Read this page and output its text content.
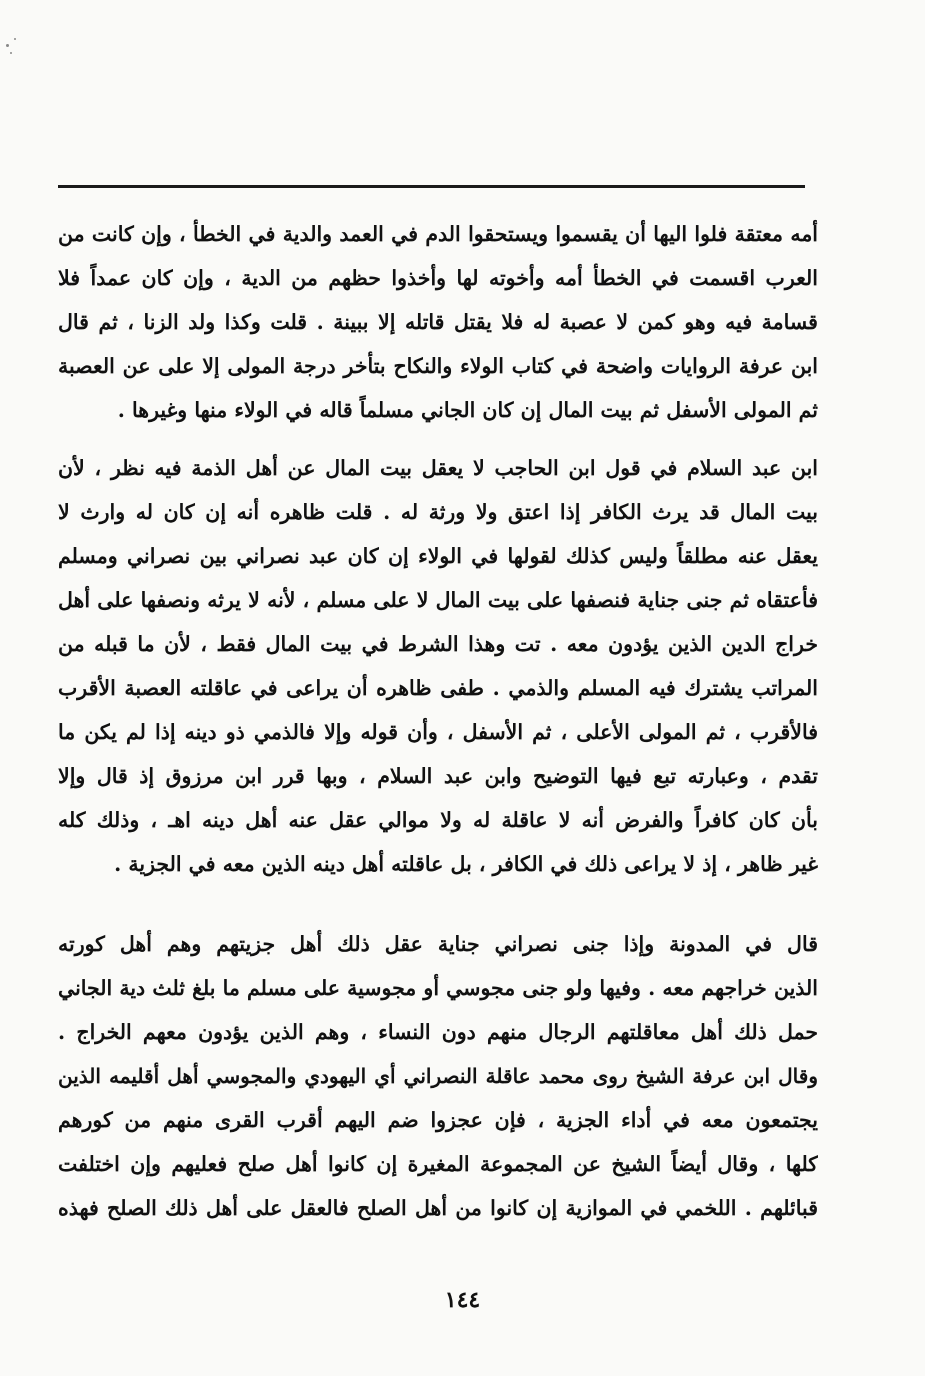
أمه معتقة فلوا اليها أن يقسموا ويستحقوا الدم في العمد والدية في الخطأ ، وإن كانت من
العرب اقسمت في الخطأ أمه وأخوته لها وأخذوا حظهم من الدية ، وإن كان عمداً فلا
قسامة فيه وهو كمن لا عصبة له فلا يقتل قاتله إلا ببينة . قلت وكذا ولد الزنا ، ثم قال
ابن عرفة الروايات واضحة في كتاب الولاء والنكاح بتأخر درجة المولى إلا على عن العصبة
ثم المولى الأسفل ثم بيت المال إن كان الجاني مسلماً قاله في الولاء منها وغيرها .
ابن عبد السلام في قول ابن الحاجب لا يعقل بيت المال عن أهل الذمة فيه نظر ، لأن
بيت المال قد يرث الكافر إذا اعتق ولا ورثة له . قلت ظاهره أنه إن كان له وارث لا
يعقل عنه مطلقاً وليس كذلك لقولها في الولاء إن كان عبد نصراني بين نصراني ومسلم
فأعتقاه ثم جنى جناية فنصفها على بيت المال لا على مسلم ، لأنه لا يرثه ونصفها على أهل
خراج الدين الذين يؤدون معه . تت وهذا الشرط في بيت المال فقط ، لأن ما قبله من
المراتب يشترك فيه المسلم والذمي . طفى ظاهره أن يراعى في عاقلته العصبة الأقرب
فالأقرب ، ثم المولى الأعلى ، ثم الأسفل ، وأن قوله وإلا فالذمي ذو دينه إذا لم يكن ما
تقدم ، وعبارته تبع فيها التوضيح وابن عبد السلام ، وبها قرر ابن مرزوق إذ قال وإلا
بأن كان كافراً والفرض أنه لا عاقلة له ولا موالي عقل عنه أهل دينه اهـ ، وذلك كله
غير ظاهر ، إذ لا يراعى ذلك في الكافر ، بل عاقلته أهل دينه الذين معه في الجزية .
قال في المدونة وإذا جنى نصراني جناية عقل ذلك أهل جزيتهم وهم أهل كورته
الذين خراجهم معه . وفيها ولو جنى مجوسي أو مجوسية على مسلم ما بلغ ثلث دية الجاني
حمل ذلك أهل معاقلتهم الرجال منهم دون النساء ، وهم الذين يؤدون معهم الخراج .
وقال ابن عرفة الشيخ روى محمد عاقلة النصراني أي اليهودي والمجوسي أهل أقليمه الذين
يجتمعون معه في أداء الجزية ، فإن عجزوا ضم اليهم أقرب القرى منهم من كورهم
كلها ، وقال أيضاً الشيخ عن المجموعة المغيرة إن كانوا أهل صلح فعليهم وإن اختلفت
قبائلهم . اللخمي في الموازية إن كانوا من أهل الصلح فالعقل على أهل ذلك الصلح فهذه
١٤٤
